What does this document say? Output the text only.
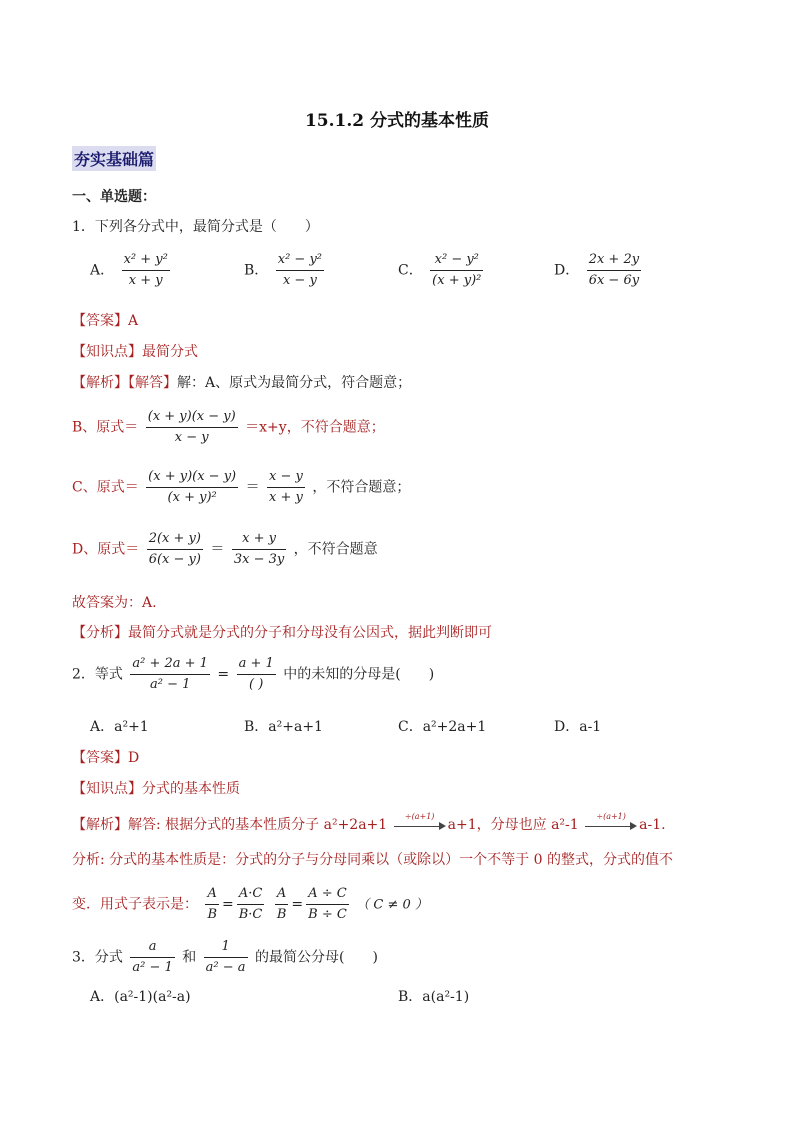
15.1.2 分式的基本性质
夯实基础篇
一、单选题：
1．下列各分式中，最简分式是（　　）
A． $\frac{\text{x² + y²}}{x + y}$	B． $\frac{\text{x² − y²}}{x - y}$	C． $\frac{\text{x² − y²}}{\text{(x + y)²}}$	D． $\frac{2x + 2y}{6x - 6y}$
【答案】A
【知识点】最简分式
【解析】【解答】解：A、原式为最简分式，符合题意；
B、原式＝ $\frac{(x + y)(x - y)}{x - y} =x+y$，不符合题意；
C、原式＝ $\frac{(x + y)(x - y)}{\text{(x + y)²}} = \frac{x - y}{x + y}$ ，不符合题意；
D、原式＝ $\frac{2(x + y)}{6(x - y)} = \frac{x + y}{3x - 3y}$ ，不符合题意
故答案为：A.
【分析】最简分式就是分式的分子和分母没有公因式，据此判断即可
2．等式 $\frac{\text{a² + 2a + 1}}{\text{a² − 1}} = \frac{a + 1}{( )}$ 中的未知的分母是(　　)
A．a²+1	B．a²+a+1	C．a²+2a+1	D．a-1
【答案】D
【知识点】分式的基本性质
【解析】解答: 根据分式的基本性质分子 a²+2a+1
÷(a+1)
a+1，分母也应 a²-1
÷(a+1)
a-1.
分析: 分式的基本性质是：分式的分子与分母同乘以（或除以）一个不等于 0 的整式，分式的值不
变．用式子表示是： $\frac{A}{B} = \frac{A\cdot C}{B\cdot C}$
$\frac{A}{B} = \frac{A \div C}{B \div C}$ （ C ≠ 0 ）
3．分式 $\frac{a}{\text{a² − 1}}$ 和 $\frac{1}{\text{a² − a}}$ 的最简公分母(　　)
A．(a²-1)(a²-a)	B．a(a²-1)
